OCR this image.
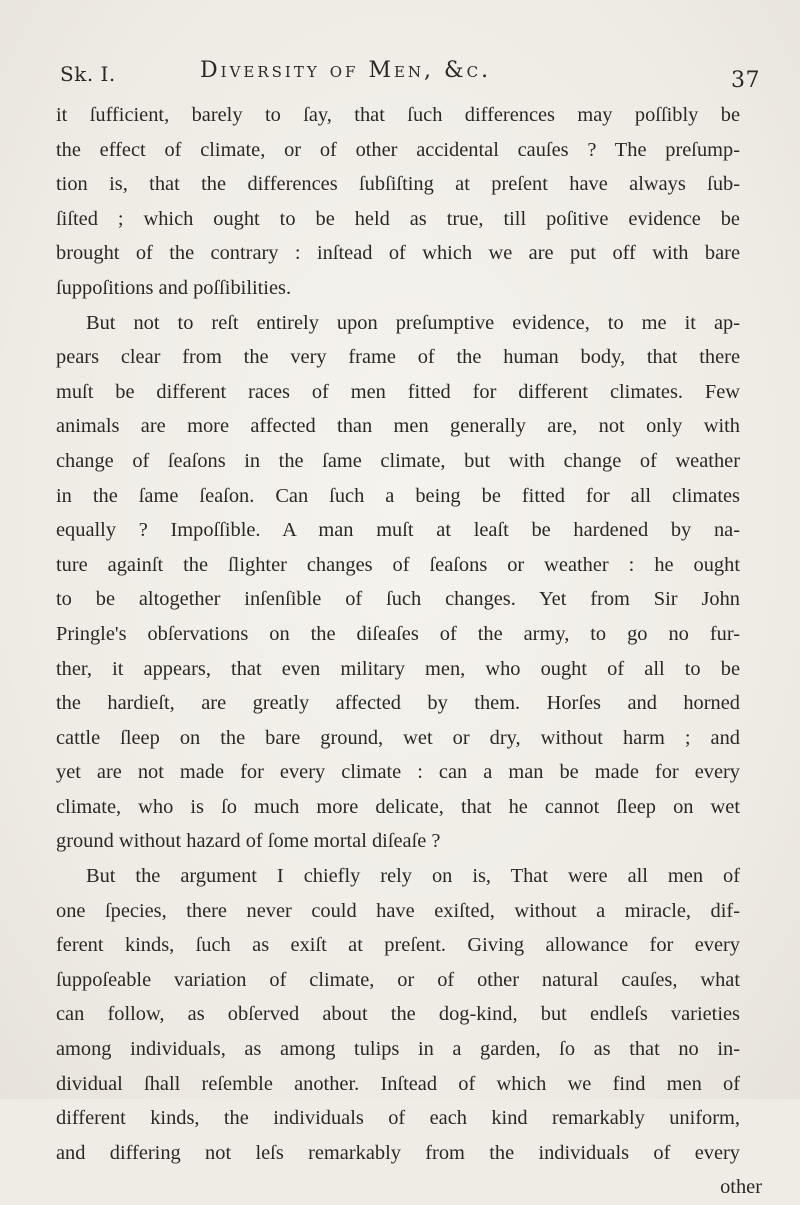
Sk. I.	Diversity of Men, &c.	37
it ſufficient, barely to ſay, that ſuch differences may poſſibly be
the effect of climate, or of other accidental cauſes ? The preſump-
tion is, that the differences ſubſiſting at preſent have always ſub-
ſiſted ; which ought to be held as true, till poſitive evidence be
brought of the contrary : inſtead of which we are put off with bare
ſuppoſitions and poſſibilities.
But not to reſt entirely upon preſumptive evidence, to me it ap-
pears clear from the very frame of the human body, that there
muſt be different races of men fitted for different climates. Few
animals are more affected than men generally are, not only with
change of ſeaſons in the ſame climate, but with change of weather
in the ſame ſeaſon. Can ſuch a being be fitted for all climates
equally ? Impoſſible. A man muſt at leaſt be hardened by na-
ture againſt the ſlighter changes of ſeaſons or weather : he ought
to be altogether inſenſible of ſuch changes. Yet from Sir John
Pringle's obſervations on the diſeaſes of the army, to go no fur-
ther, it appears, that even military men, who ought of all to be
the hardieſt, are greatly affected by them. Horſes and horned
cattle ſleep on the bare ground, wet or dry, without harm ; and
yet are not made for every climate : can a man be made for every
climate, who is ſo much more delicate, that he cannot ſleep on wet
ground without hazard of ſome mortal diſeaſe ?
But the argument I chiefly rely on is, That were all men of
one ſpecies, there never could have exiſted, without a miracle, dif-
ferent kinds, ſuch as exiſt at preſent. Giving allowance for every
ſuppoſeable variation of climate, or of other natural cauſes, what
can follow, as obſerved about the dog-kind, but endleſs varieties
among individuals, as among tulips in a garden, ſo as that no in-
dividual ſhall reſemble another. Inſtead of which we find men of
different kinds, the individuals of each kind remarkably uniform,
and differing not leſs remarkably from the individuals of every
other
